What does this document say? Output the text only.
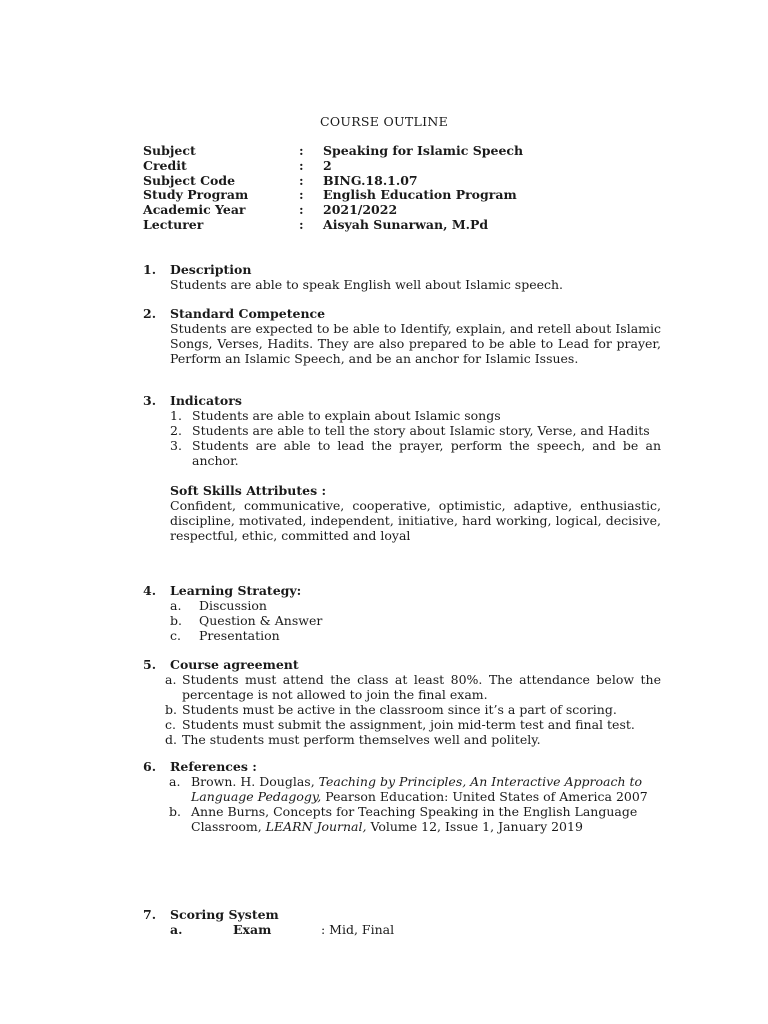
COURSE OUTLINE
Subject	:	Speaking for Islamic Speech
Credit	:	2
Subject Code	:	BING.18.1.07
Study Program	:	English Education Program
Academic Year	:	2021/2022
Lecturer	:	Aisyah Sunarwan, M.Pd
1.	Description
Students are able to speak English well about Islamic speech.
2.	Standard Competence
Students are expected to be able to Identify, explain, and retell about Islamic Songs, Verses, Hadits. They are also prepared to be able to Lead for prayer, Perform an Islamic Speech, and be an anchor for Islamic Issues.
3.	Indicators
1. Students are able to explain about Islamic songs
2. Students are able to tell the story about Islamic story, Verse, and Hadits
3. Students are able to lead the prayer, perform the speech, and be an anchor.
Soft Skills Attributes :
Confident, communicative, cooperative, optimistic, adaptive, enthusiastic, discipline, motivated, independent, initiative, hard working, logical, decisive, respectful, ethic, committed and loyal
4.	Learning Strategy:
a.	Discussion
b.	Question & Answer
c.	Presentation
5.	Course agreement
a. Students must attend the class at least 80%. The attendance below the percentage is not allowed to join the final exam.
b. Students must be active in the classroom since it’s a part of scoring.
c. Students must submit the assignment, join mid-term test and final test.
d. The students must perform themselves well and politely.
6.	References :
a. Brown. H. Douglas, Teaching by Principles, An Interactive Approach to Language Pedagogy, Pearson Education: United States of America 2007
b. Anne Burns, Concepts for Teaching Speaking in the English Language Classroom, LEARN Journal, Volume 12, Issue 1, January 2019
7.	Scoring System
a.	Exam	: Mid, Final
